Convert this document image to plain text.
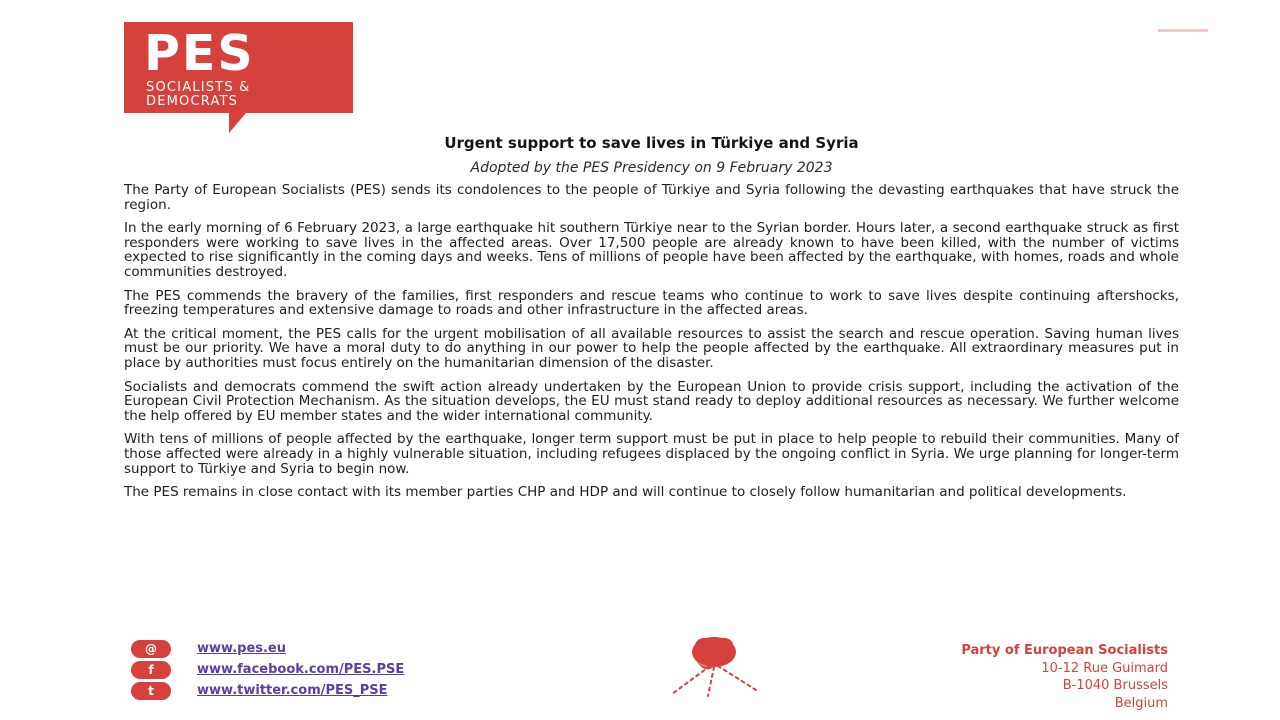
PES
SOCIALISTS &
DEMOCRATS
Urgent support to save lives in Türkiye and Syria
Adopted by the PES Presidency on 9 February 2023

The Party of European Socialists (PES) sends its condolences to the people of Türkiye and Syria following the devasting earthquakes that have struck the region.

In the early morning of 6 February 2023, a large earthquake hit southern Türkiye near to the Syrian border. Hours later, a second earthquake struck as first responders were working to save lives in the affected areas. Over 17,500 people are already known to have been killed, with the number of victims expected to rise significantly in the coming days and weeks. Tens of millions of people have been affected by the earthquake, with homes, roads and whole communities destroyed.

The PES commends the bravery of the families, first responders and rescue teams who continue to work to save lives despite continuing aftershocks, freezing temperatures and extensive damage to roads and other infrastructure in the affected areas.

At the critical moment, the PES calls for the urgent mobilisation of all available resources to assist the search and rescue operation. Saving human lives must be our priority. We have a moral duty to do anything in our power to help the people affected by the earthquake. All extraordinary measures put in place by authorities must focus entirely on the humanitarian dimension of the disaster.

Socialists and democrats commend the swift action already undertaken by the European Union to provide crisis support, including the activation of the European Civil Protection Mechanism. As the situation develops, the EU must stand ready to deploy additional resources as necessary. We further welcome the help offered by EU member states and the wider international community.

With tens of millions of people affected by the earthquake, longer term support must be put in place to help people to rebuild their communities. Many of those affected were already in a highly vulnerable situation, including refugees displaced by the ongoing conflict in Syria. We urge planning for longer-term support to Türkiye and Syria to begin now.

The PES remains in close contact with its member parties CHP and HDP and will continue to closely follow humanitarian and political developments.

@	www.pes.eu
f	www.facebook.com/PES.PSE
t	www.twitter.com/PES_PSE
Party of European Socialists
10-12 Rue Guimard
B-1040 Brussels
Belgium
